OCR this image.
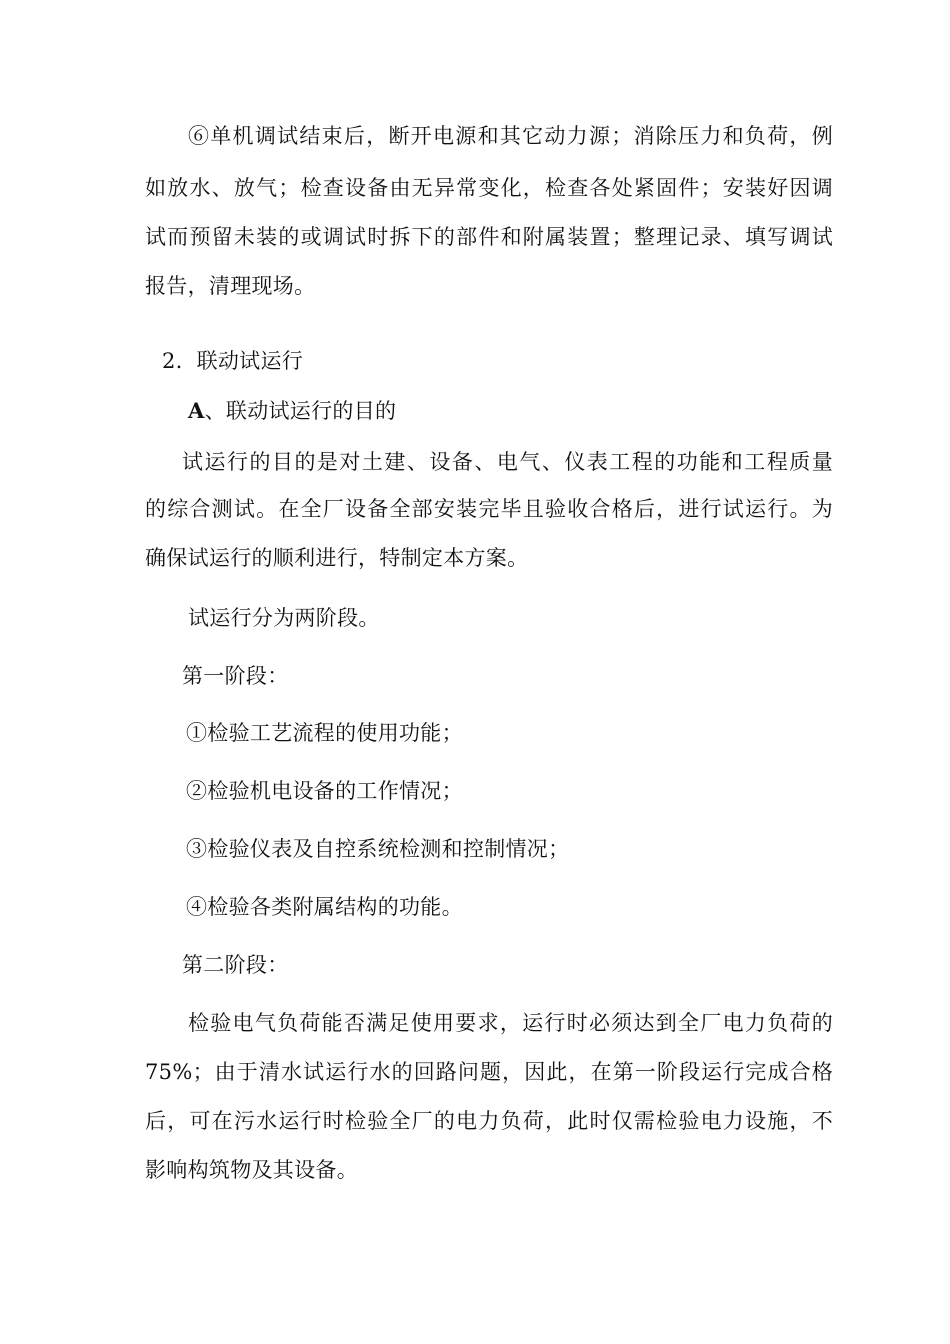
⑥单机调试结束后，断开电源和其它动力源；消除压力和负荷，例
如放水、放气；检查设备由无异常变化，检查各处紧固件；安装好因调
试而预留未装的或调试时拆下的部件和附属装置；整理记录、填写调试
报告，清理现场。
2.  联动试运行
A、联动试运行的目的
试运行的目的是对土建、设备、电气、仪表工程的功能和工程质量
的综合测试。在全厂设备全部安装完毕且验收合格后，进行试运行。为
确保试运行的顺利进行，特制定本方案。
试运行分为两阶段。
第一阶段：
①检验工艺流程的使用功能；
②检验机电设备的工作情况；
③检验仪表及自控系统检测和控制情况；
④检验各类附属结构的功能。
第二阶段：
检验电气负荷能否满足使用要求，运行时必须达到全厂电力负荷的
75%；由于清水试运行水的回路问题，因此，在第一阶段运行完成合格
后，可在污水运行时检验全厂的电力负荷，此时仅需检验电力设施，不
影响构筑物及其设备。
